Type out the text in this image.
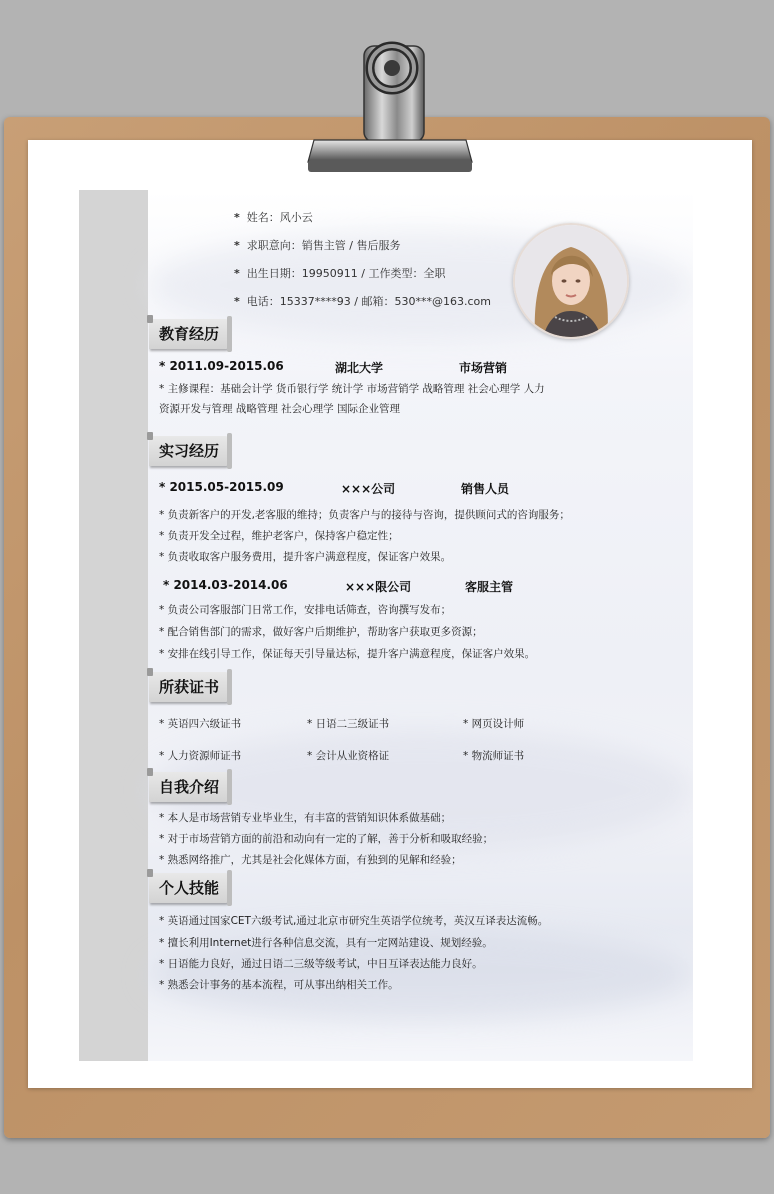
* 姓名：风小云
* 求职意向：销售主管 / 售后服务
* 出生日期：19950911 / 工作类型：全职
* 电话：15337****93 / 邮箱：530***@163.com
教育经历
* 2011.09-2015.06	湖北大学	市场营销
* 主修课程：基础会计学 货币银行学 统计学 市场营销学 战略管理 社会心理学 人力
资源开发与管理 战略管理 社会心理学 国际企业管理
实习经历
* 2015.05-2015.09	×××公司	销售人员
* 负责新客户的开发,老客服的维持；负责客户与的接待与咨询，提供顾问式的咨询服务；
* 负责开发全过程，维护老客户，保持客户稳定性；
* 负责收取客户服务费用，提升客户满意程度，保证客户效果。
* 2014.03-2014.06	×××限公司	客服主管
* 负责公司客服部门日常工作，安排电话筛查，咨询撰写发布；
* 配合销售部门的需求，做好客户后期维护，帮助客户获取更多资源；
* 安排在线引导工作，保证每天引导量达标，提升客户满意程度，保证客户效果。
所获证书
* 英语四六级证书	* 日语二三级证书	* 网页设计师
* 人力资源师证书	* 会计从业资格证	* 物流师证书
自我介绍
* 本人是市场营销专业毕业生，有丰富的营销知识体系做基础；
* 对于市场营销方面的前沿和动向有一定的了解，善于分析和吸取经验；
* 熟悉网络推广，尤其是社会化媒体方面，有独到的见解和经验；
个人技能
* 英语通过国家CET六级考试,通过北京市研究生英语学位统考，英汉互译表达流畅。
* 擅长利用Internet进行各种信息交流，具有一定网站建设、规划经验。
* 日语能力良好，通过日语二三级等级考试，中日互译表达能力良好。
* 熟悉会计事务的基本流程，可从事出纳相关工作。
